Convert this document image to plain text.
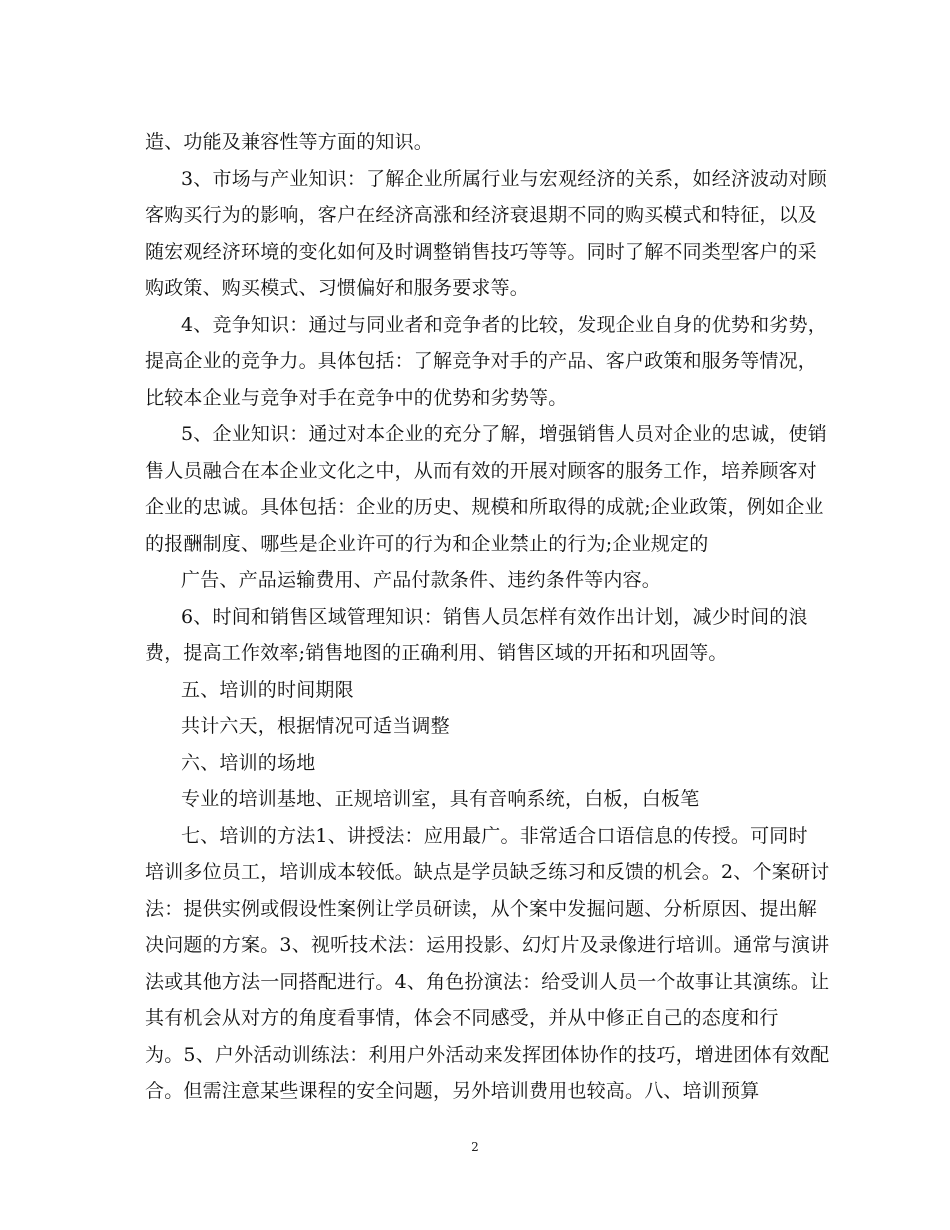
造、功能及兼容性等方面的知识。
3、市场与产业知识：了解企业所属行业与宏观经济的关系，如经济波动对顾
客购买行为的影响，客户在经济高涨和经济衰退期不同的购买模式和特征，以及
随宏观经济环境的变化如何及时调整销售技巧等等。同时了解不同类型客户的采
购政策、购买模式、习惯偏好和服务要求等。
4、竞争知识：通过与同业者和竞争者的比较，发现企业自身的优势和劣势，
提高企业的竞争力。具体包括：了解竞争对手的产品、客户政策和服务等情况，
比较本企业与竞争对手在竞争中的优势和劣势等。
5、企业知识：通过对本企业的充分了解，增强销售人员对企业的忠诚，使销
售人员融合在本企业文化之中，从而有效的开展对顾客的服务工作，培养顾客对
企业的忠诚。具体包括：企业的历史、规模和所取得的成就;企业政策，例如企业
的报酬制度、哪些是企业许可的行为和企业禁止的行为;企业规定的
广告、产品运输费用、产品付款条件、违约条件等内容。
6、时间和销售区域管理知识：销售人员怎样有效作出计划，减少时间的浪
费，提高工作效率;销售地图的正确利用、销售区域的开拓和巩固等。
五、培训的时间期限
共计六天，根据情况可适当调整
六、培训的场地
专业的培训基地、正规培训室，具有音响系统，白板，白板笔
七、培训的方法1、讲授法：应用最广。非常适合口语信息的传授。可同时
培训多位员工，培训成本较低。缺点是学员缺乏练习和反馈的机会。2、个案研讨
法：提供实例或假设性案例让学员研读，从个案中发掘问题、分析原因、提出解
决问题的方案。3、视听技术法：运用投影、幻灯片及录像进行培训。通常与演讲
法或其他方法一同搭配进行。4、角色扮演法：给受训人员一个故事让其演练。让
其有机会从对方的角度看事情，体会不同感受，并从中修正自己的态度和行
为。5、户外活动训练法：利用户外活动来发挥团体协作的技巧，增进团体有效配
合。但需注意某些课程的安全问题，另外培训费用也较高。八、培训预算
2
